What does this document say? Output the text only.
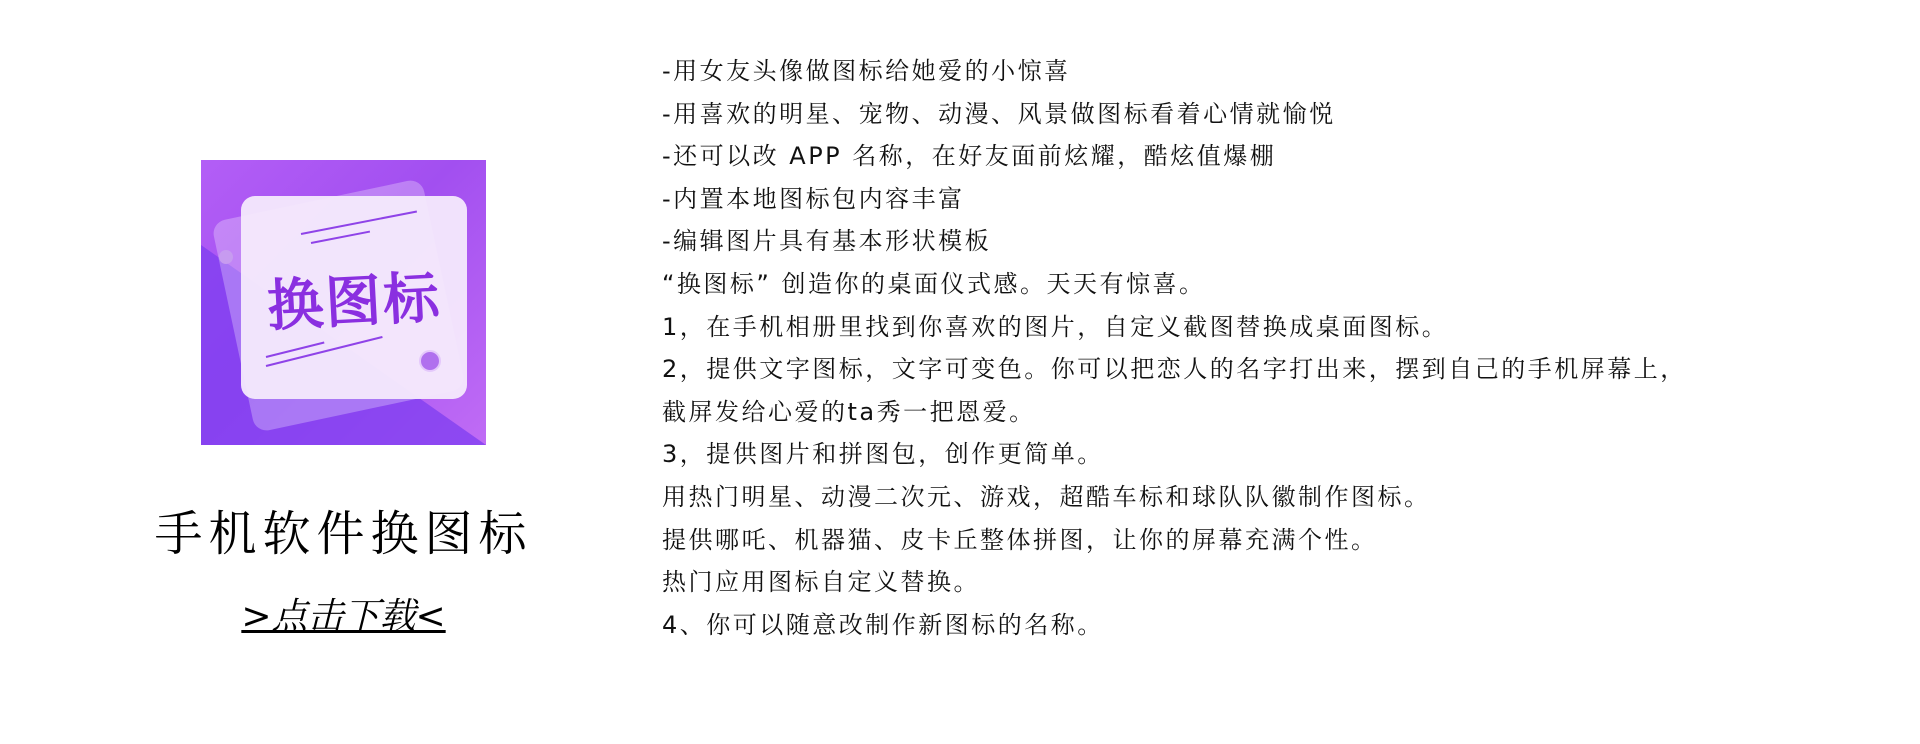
换图标
手机软件换图标
>点击下载<
-用女友头像做图标给她爱的小惊喜
-用喜欢的明星、宠物、动漫、风景做图标看着心情就愉悦
-还可以改 APP 名称，在好友面前炫耀，酷炫值爆棚
-内置本地图标包内容丰富
-编辑图片具有基本形状模板
“换图标” 创造你的桌面仪式感。天天有惊喜。
1，在手机相册里找到你喜欢的图片，自定义截图替换成桌面图标。
2，提供文字图标，文字可变色。你可以把恋人的名字打出来，摆到自己的手机屏幕上，
截屏发给心爱的ta秀一把恩爱。
3，提供图片和拼图包，创作更简单。
用热门明星、动漫二次元、游戏，超酷车标和球队队徽制作图标。
提供哪吒、机器猫、皮卡丘整体拼图，让你的屏幕充满个性。
热门应用图标自定义替换。
4、你可以随意改制作新图标的名称。
